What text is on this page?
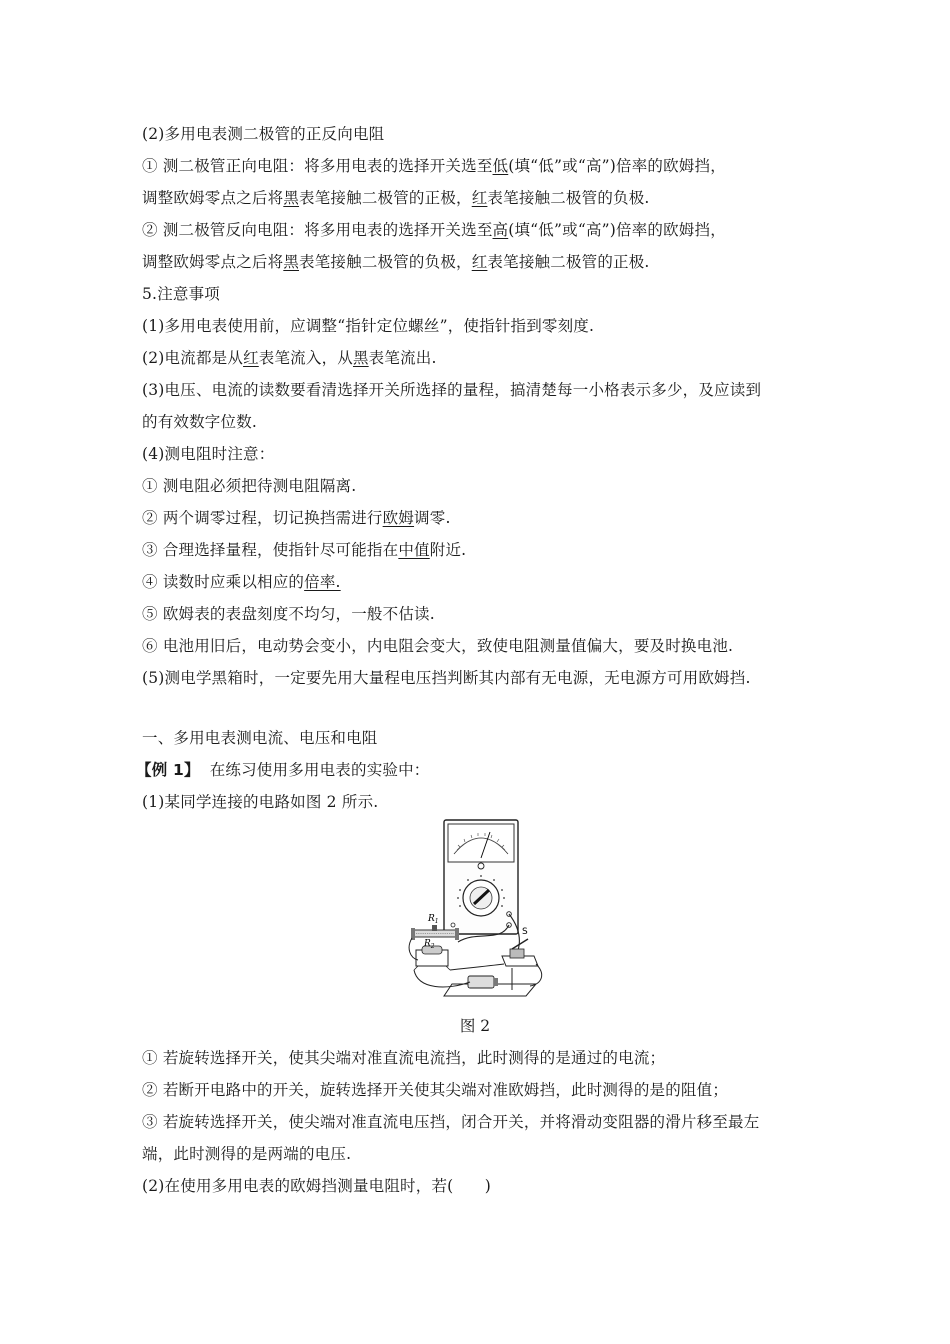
(2)多用电表测二极管的正反向电阻
① 测二极管正向电阻：将多用电表的选择开关选至低(填“低”或“高”)倍率的欧姆挡，
调整欧姆零点之后将黑表笔接触二极管的正极，红表笔接触二极管的负极.
② 测二极管反向电阻：将多用电表的选择开关选至高(填“低”或“高”)倍率的欧姆挡，
调整欧姆零点之后将黑表笔接触二极管的负极，红表笔接触二极管的正极.
5.注意事项
(1)多用电表使用前，应调整“指针定位螺丝”，使指针指到零刻度.
(2)电流都是从红表笔流入，从黑表笔流出.
(3)电压、电流的读数要看清选择开关所选择的量程，搞清楚每一小格表示多少，及应读到
的有效数字位数.
(4)测电阻时注意：
① 测电阻必须把待测电阻隔离.
② 两个调零过程，切记换挡需进行欧姆调零.
③ 合理选择量程，使指针尽可能指在中值附近.
④ 读数时应乘以相应的倍率.
⑤ 欧姆表的表盘刻度不均匀，一般不估读.
⑥ 电池用旧后，电动势会变小，内电阻会变大，致使电阻测量值偏大，要及时换电池.
(5)测电学黑箱时，一定要先用大量程电压挡判断其内部有无电源，无电源方可用欧姆挡.
一、多用电表测电流、电压和电阻
【例 1】 在练习使用多用电表的实验中：
(1)某同学连接的电路如图 2 所示.
$R_1$
$R_2$
S
图 2
① 若旋转选择开关，使其尖端对准直流电流挡，此时测得的是通过的电流；
② 若断开电路中的开关，旋转选择开关使其尖端对准欧姆挡，此时测得的是的阻值；
③ 若旋转选择开关，使尖端对准直流电压挡，闭合开关，并将滑动变阻器的滑片移至最左
端，此时测得的是两端的电压.
(2)在使用多用电表的欧姆挡测量电阻时，若(　　)
